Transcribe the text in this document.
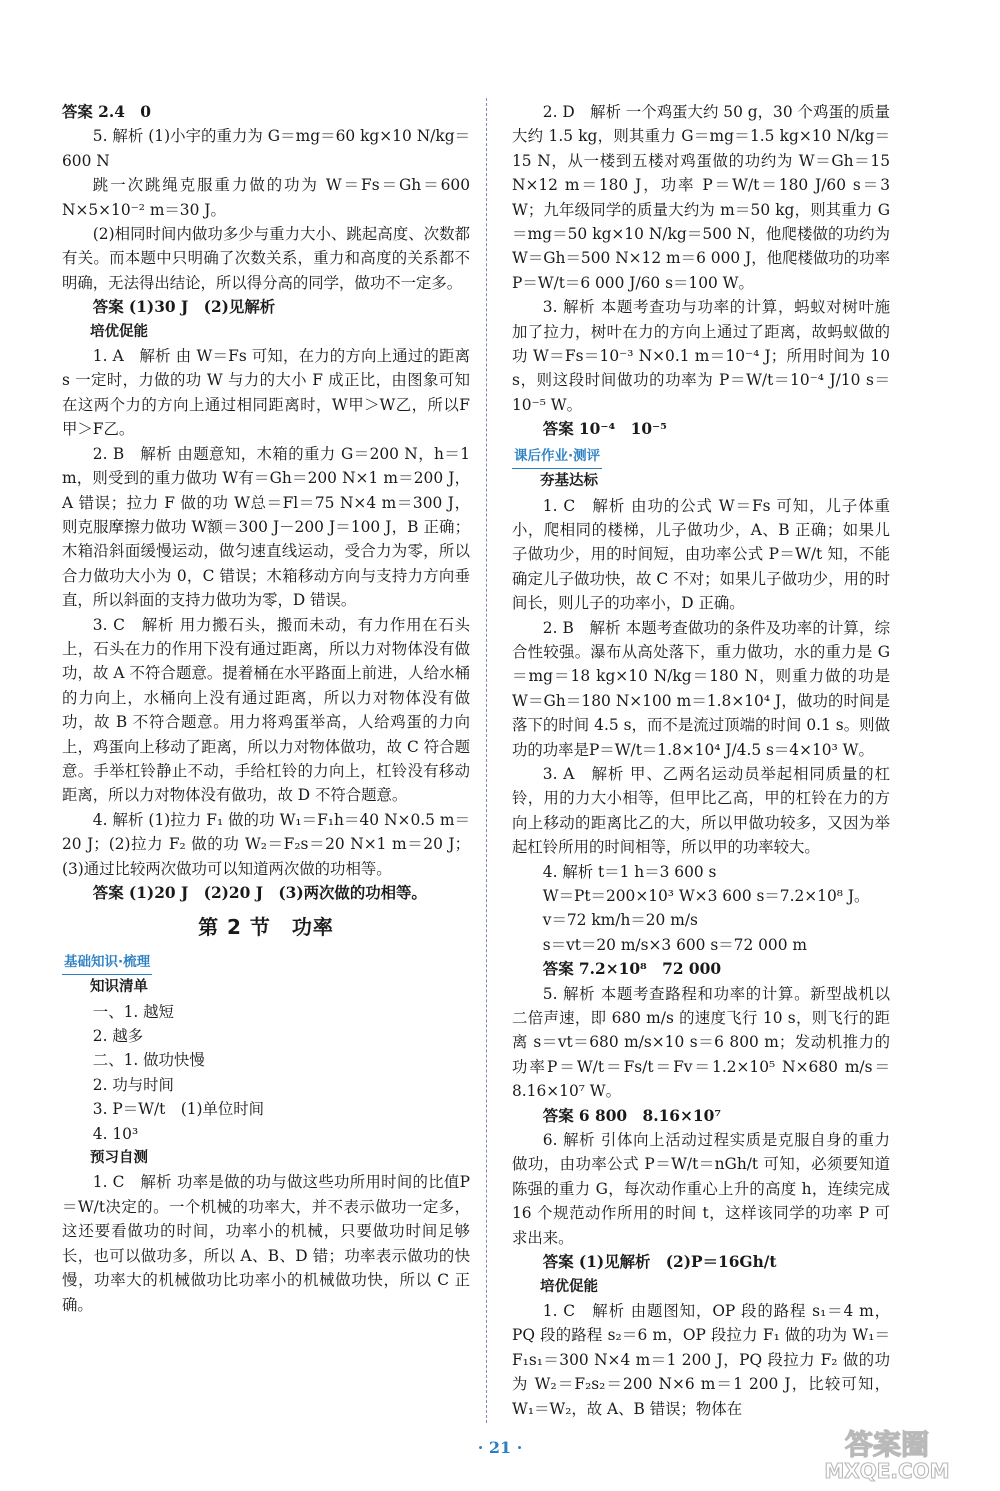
答案 2.4　0

5. 解析 (1)小宇的重力为 G＝mg＝60 kg×10 N/kg＝600 N

跳一次跳绳克服重力做的功为 W＝Fs＝Gh＝600 N×5×10⁻² m＝30 J。

(2)相同时间内做功多少与重力大小、跳起高度、次数都有关。而本题中只明确了次数关系，重力和高度的关系都不明确，无法得出结论，所以得分高的同学，做功不一定多。

答案 (1)30 J　(2)见解析

培优促能

1. A　解析 由 W＝Fs 可知，在力的方向上通过的距离 s 一定时，力做的功 W 与力的大小 F 成正比，由图象可知在这两个力的方向上通过相同距离时，W甲＞W乙，所以F甲＞F乙。

2. B　解析 由题意知，木箱的重力 G＝200 N，h＝1 m，则受到的重力做功 W有＝Gh＝200 N×1 m＝200 J，A 错误；拉力 F 做的功 W总＝Fl＝75 N×4 m＝300 J，则克服摩擦力做功 W额＝300 J－200 J＝100 J，B 正确；木箱沿斜面缓慢运动，做匀速直线运动，受合力为零，所以合力做功大小为 0，C 错误；木箱移动方向与支持力方向垂直，所以斜面的支持力做功为零，D 错误。

3. C　解析 用力搬石头，搬而未动，有力作用在石头上，石头在力的作用下没有通过距离，所以力对物体没有做功，故 A 不符合题意。提着桶在水平路面上前进，人给水桶的力向上，水桶向上没有通过距离，所以力对物体没有做功，故 B 不符合题意。用力将鸡蛋举高，人给鸡蛋的力向上，鸡蛋向上移动了距离，所以力对物体做功，故 C 符合题意。手举杠铃静止不动，手给杠铃的力向上，杠铃没有移动距离，所以力对物体没有做功，故 D 不符合题意。

4. 解析 (1)拉力 F₁ 做的功 W₁＝F₁h＝40 N×0.5 m＝20 J；(2)拉力 F₂ 做的功 W₂＝F₂s＝20 N×1 m＝20 J；(3)通过比较两次做功可以知道两次做的功相等。

答案 (1)20 J　(2)20 J　(3)两次做的功相等。

第 2 节　功率

基础知识·梳理

知识清单

一、1. 越短

2. 越多

二、1. 做功快慢

2. 功与时间

3. P＝W/t　(1)单位时间

4. 10³

预习自测

1. C　解析 功率是做的功与做这些功所用时间的比值P＝W/t决定的。一个机械的功率大，并不表示做功一定多，这还要看做功的时间，功率小的机械，只要做功时间足够长，也可以做功多，所以 A、B、D 错；功率表示做功的快慢，功率大的机械做功比功率小的机械做功快，所以 C 正确。

2. D　解析 一个鸡蛋大约 50 g，30 个鸡蛋的质量大约 1.5 kg，则其重力 G＝mg＝1.5 kg×10 N/kg＝15 N，从一楼到五楼对鸡蛋做的功约为 W＝Gh＝15 N×12 m＝180 J，功率 P＝W/t＝180 J/60 s＝3 W；九年级同学的质量大约为 m＝50 kg，则其重力 G＝mg＝50 kg×10 N/kg＝500 N，他爬楼做的功约为 W＝Gh＝500 N×12 m＝6 000 J，他爬楼做功的功率 P＝W/t＝6 000 J/60 s＝100 W。

3. 解析 本题考查功与功率的计算，蚂蚁对树叶施加了拉力，树叶在力的方向上通过了距离，故蚂蚁做的功 W＝Fs＝10⁻³ N×0.1 m＝10⁻⁴ J；所用时间为 10 s，则这段时间做功的功率为 P＝W/t＝10⁻⁴ J/10 s＝10⁻⁵ W。

答案 10⁻⁴　10⁻⁵

课后作业·测评

夯基达标

1. C　解析 由功的公式 W＝Fs 可知，儿子体重小，爬相同的楼梯，儿子做功少，A、B 正确；如果儿子做功少，用的时间短，由功率公式 P＝W/t 知，不能确定儿子做功快，故 C 不对；如果儿子做功少，用的时间长，则儿子的功率小，D 正确。

2. B　解析 本题考查做功的条件及功率的计算，综合性较强。瀑布从高处落下，重力做功，水的重力是 G＝mg＝18 kg×10 N/kg＝180 N，则重力做的功是 W＝Gh＝180 N×100 m＝1.8×10⁴ J，做功的时间是落下的时间 4.5 s，而不是流过顶端的时间 0.1 s。则做功的功率是P＝W/t＝1.8×10⁴ J/4.5 s＝4×10³ W。

3. A　解析 甲、乙两名运动员举起相同质量的杠铃，用的力大小相等，但甲比乙高，甲的杠铃在力的方向上移动的距离比乙的大，所以甲做功较多，又因为举起杠铃所用的时间相等，所以甲的功率较大。

4. 解析 t＝1 h＝3 600 s

W＝Pt＝200×10³ W×3 600 s＝7.2×10⁸ J。

v＝72 km/h＝20 m/s

s＝vt＝20 m/s×3 600 s＝72 000 m

答案 7.2×10⁸　72 000

5. 解析 本题考查路程和功率的计算。新型战机以二倍声速，即 680 m/s 的速度飞行 10 s，则飞行的距离 s＝vt＝680 m/s×10 s＝6 800 m；发动机推力的功率P＝W/t＝Fs/t＝Fv＝1.2×10⁵ N×680 m/s＝8.16×10⁷ W。

答案 6 800　8.16×10⁷

6. 解析 引体向上活动过程实质是克服自身的重力做功，由功率公式 P＝W/t＝nGh/t 可知，必须要知道陈强的重力 G，每次动作重心上升的高度 h，连续完成 16 个规范动作所用的时间 t，这样该同学的功率 P 可求出来。

答案 (1)见解析　(2)P＝16Gh/t

培优促能

1. C　解析 由题图知，OP 段的路程 s₁＝4 m，PQ 段的路程 s₂＝6 m，OP 段拉力 F₁ 做的功为 W₁＝F₁s₁＝300 N×4 m＝1 200 J，PQ 段拉力 F₂ 做的功为 W₂＝F₂s₂＝200 N×6 m＝1 200 J，比较可知，W₁＝W₂，故 A、B 错误；物体在

· 21 ·	答案圈
MXQE.COM
